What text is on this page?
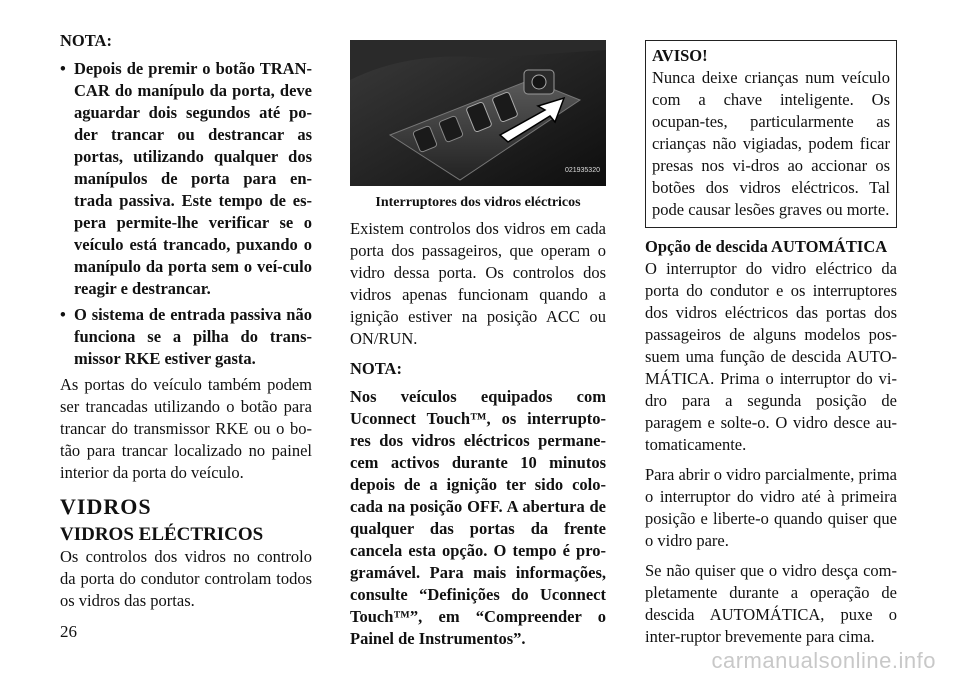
NOTA:

• Depois de premir o botão TRAN-CAR do manípulo da porta, deve aguardar dois segundos até po-der trancar ou destrancar as portas, utilizando qualquer dos manípulos de porta para en-trada passiva. Este tempo de es-pera permite-lhe verificar se o veículo está trancado, puxando o manípulo da porta sem o veí-culo reagir e destrancar.
• O sistema de entrada passiva não funciona se a pilha do trans-missor RKE estiver gasta.

As portas do veículo também podem ser trancadas utilizando o botão para trancar do transmissor RKE ou o bo-tão para trancar localizado no painel interior da porta do veículo.

VIDROS
VIDROS ELÉCTRICOS

Os controlos dos vidros no controlo da porta do condutor controlam todos os vidros das portas.

021935320
Interruptores dos vidros eléctricos

Existem controlos dos vidros em cada porta dos passageiros, que operam o vidro dessa porta. Os controlos dos vidros apenas funcionam quando a ignição estiver na posição ACC ou ON/RUN.

NOTA:

Nos veículos equipados com Uconnect Touch™, os interrupto-res dos vidros eléctricos permane-cem activos durante 10 minutos depois de a ignição ter sido colo-cada na posição OFF. A abertura de qualquer das portas da frente cancela esta opção. O tempo é pro-gramável. Para mais informações, consulte “Definições do Uconnect Touch™”, em “Compreender o Painel de Instrumentos”.

AVISO!

Nunca deixe crianças num veículo com a chave inteligente. Os ocupan-tes, particularmente as crianças não vigiadas, podem ficar presas nos vi-dros ao accionar os botões dos vidros eléctricos. Tal pode causar lesões graves ou morte.

Opção de descida AUTOMÁTICA

O interruptor do vidro eléctrico da porta do condutor e os interruptores dos vidros eléctricos das portas dos passageiros de alguns modelos pos-suem uma função de descida AUTO-MÁTICA. Prima o interruptor do vi-dro para a segunda posição de paragem e solte-o. O vidro desce au-tomaticamente.

Para abrir o vidro parcialmente, prima o interruptor do vidro até à primeira posição e liberte-o quando quiser que o vidro pare.

Se não quiser que o vidro desça com-pletamente durante a operação de descida AUTOMÁTICA, puxe o inter-ruptor brevemente para cima.

26
carmanualsonline.info
